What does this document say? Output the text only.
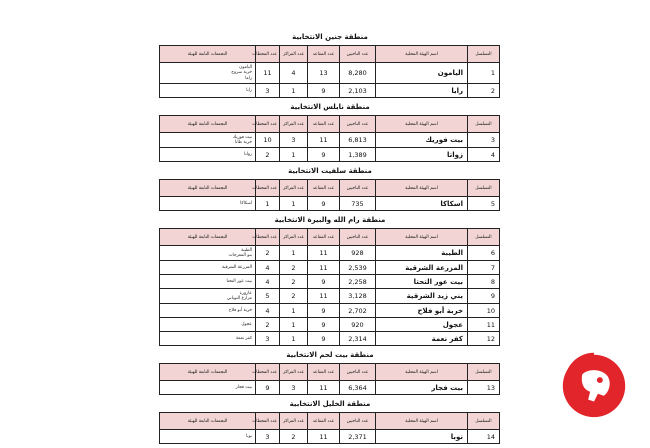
منطقة جنين الانتخابية
التسلسل	اسم الهيئة المحلية	عدد الناخبين	عدد المقاعد	عدد المراكز	عدد المحطات	التجمعات التابعة للهيئة
1	اليامون	8,280	13	4	11	اليامون
خربة سروج
زاما

2	رابا	2,103	9	1	3	رابا
منطقة نابلس الانتخابية
التسلسل	اسم الهيئة المحلية	عدد الناخبين	عدد المقاعد	عدد المراكز	عدد المحطات	التجمعات التابعة للهيئة
3	بيت فوريك	6,813	11	3	10	بيت فوريك
خربة طانا

4	زواتا	1,389	9	1	2	زواتا
منطقة سلفيت الانتخابية
التسلسل	اسم الهيئة المحلية	عدد الناخبين	عدد المقاعد	عدد المراكز	عدد المحطات	التجمعات التابعة للهيئة
5	اسكاكا	735	9	1	1	اسكاكا
منطقة رام الله والبيرة الانتخابية
التسلسل	اسم الهيئة المحلية	عدد الناخبين	عدد المقاعد	عدد المراكز	عدد المحطات	التجمعات التابعة للهيئة
6	الطيبة	928	11	1	2	الطيبة
بنو المعرجات

7	المزرعة الشرقية	2,539	11	2	4	المزرعة الشرقية

8	بيت عور التحتا	2,258	9	2	4	بيت عور التحتا

9	بني زيد الشرقية	3,128	11	2	5	عارورة
مزارع النوباني

10	خربة أبو فلاح	2,702	9	1	4	خربة أبو فلاح

11	عجول	920	9	1	2	عجول

12	كفر نعمة	2,314	9	1	3	كفر نعمة
منطقة بيت لحم الانتخابية
التسلسل	اسم الهيئة المحلية	عدد الناخبين	عدد المقاعد	عدد المراكز	عدد المحطات	التجمعات التابعة للهيئة
13	بيت فجار	6,364	11	3	9	بيت فجار
منطقة الخليل الانتخابية
التسلسل	اسم الهيئة المحلية	عدد الناخبين	عدد المقاعد	عدد المراكز	عدد المحطات	التجمعات التابعة للهيئة
14	نوبا	2,371	11	2	3	نوبا
